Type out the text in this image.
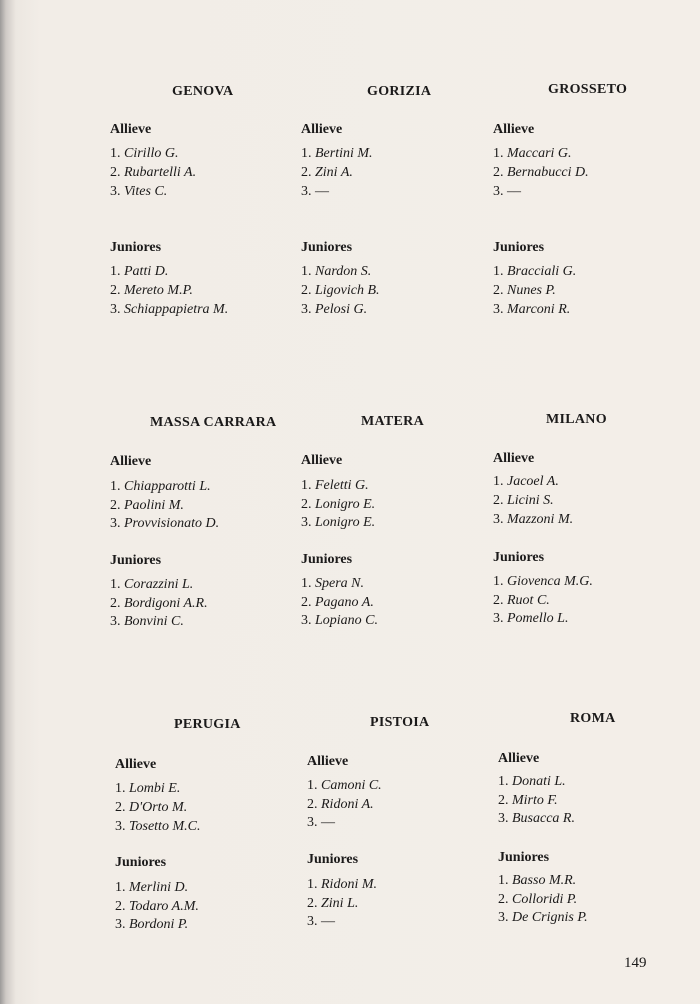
GENOVA
Allieve
1. Cirillo G.
2. Rubartelli A.
3. Vites C.
Juniores
1. Patti D.
2. Mereto M.P.
3. Schiappapietra M.
GORIZIA
Allieve
1. Bertini M.
2. Zini A.
3. ––
Juniores
1. Nardon S.
2. Ligovich B.
3. Pelosi G.
GROSSETO
Allieve
1. Maccari G.
2. Bernabucci D.
3. ––
Juniores
1. Bracciali G.
2. Nunes P.
3. Marconi R.
MASSA CARRARA
Allieve
1. Chiapparotti L.
2. Paolini M.
3. Provvisionato D.
Juniores
1. Corazzini L.
2. Bordigoni A.R.
3. Bonvini C.
MATERA
Allieve
1. Feletti G.
2. Lonigro E.
3. Lonigro E.
Juniores
1. Spera N.
2. Pagano A.
3. Lopiano C.
MILANO
Allieve
1. Jacoel A.
2. Licini S.
3. Mazzoni M.
Juniores
1. Giovenca M.G.
2. Ruot C.
3. Pomello L.
PERUGIA
Allieve
1. Lombi E.
2. D'Orto M.
3. Tosetto M.C.
Juniores
1. Merlini D.
2. Todaro A.M.
3. Bordoni P.
PISTOIA
Allieve
1. Camoni C.
2. Ridoni A.
3. ––
Juniores
1. Ridoni M.
2. Zini L.
3. ––
ROMA
Allieve
1. Donati L.
2. Mirto F.
3. Busacca R.
Juniores
1. Basso M.R.
2. Colloridi P.
3. De Crignis P.
149
